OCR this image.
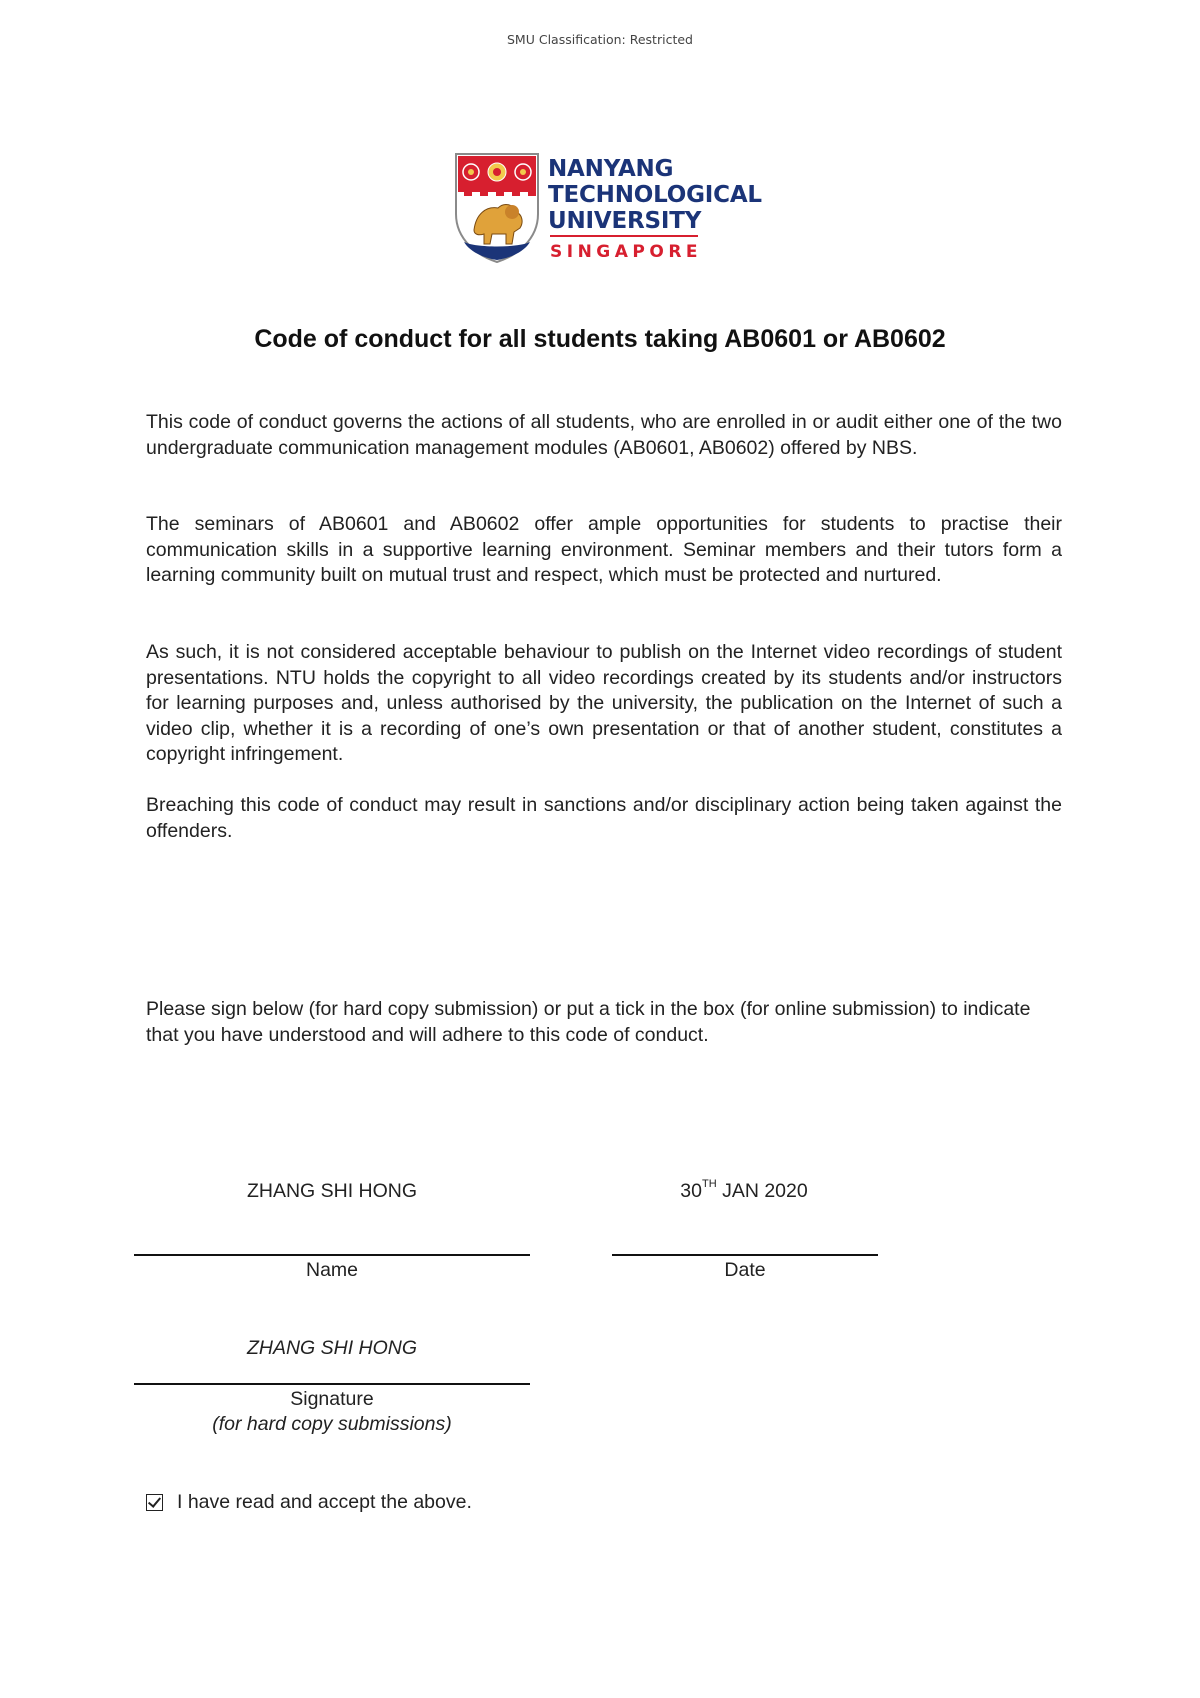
SMU Classification: Restricted
NANYANG
TECHNOLOGICAL
UNIVERSITY
SINGAPORE
Code of conduct for all students taking AB0601 or AB0602
This code of conduct governs the actions of all students, who are enrolled in or audit either one of the two undergraduate communication management modules (AB0601, AB0602) offered by NBS.
The seminars of AB0601 and AB0602 offer ample opportunities for students to practise their communication skills in a supportive learning environment. Seminar members and their tutors form a learning community built on mutual trust and respect, which must be protected and nurtured.
As such, it is not considered acceptable behaviour to publish on the Internet video recordings of student presentations. NTU holds the copyright to all video recordings created by its students and/or instructors for learning purposes and, unless authorised by the university, the publication on the Internet of such a video clip, whether it is a recording of one’s own presentation or that of another student, constitutes a copyright infringement.
Breaching this code of conduct may result in sanctions and/or disciplinary action being taken against the offenders.
Please sign below (for hard copy submission) or put a tick in the box (for online submission) to indicate that you have understood and will adhere to this code of conduct.
ZHANG SHI HONG	30TH JAN 2020
Name	Date
ZHANG SHI HONG
Signature
(for hard copy submissions)
I have read and accept the above.
